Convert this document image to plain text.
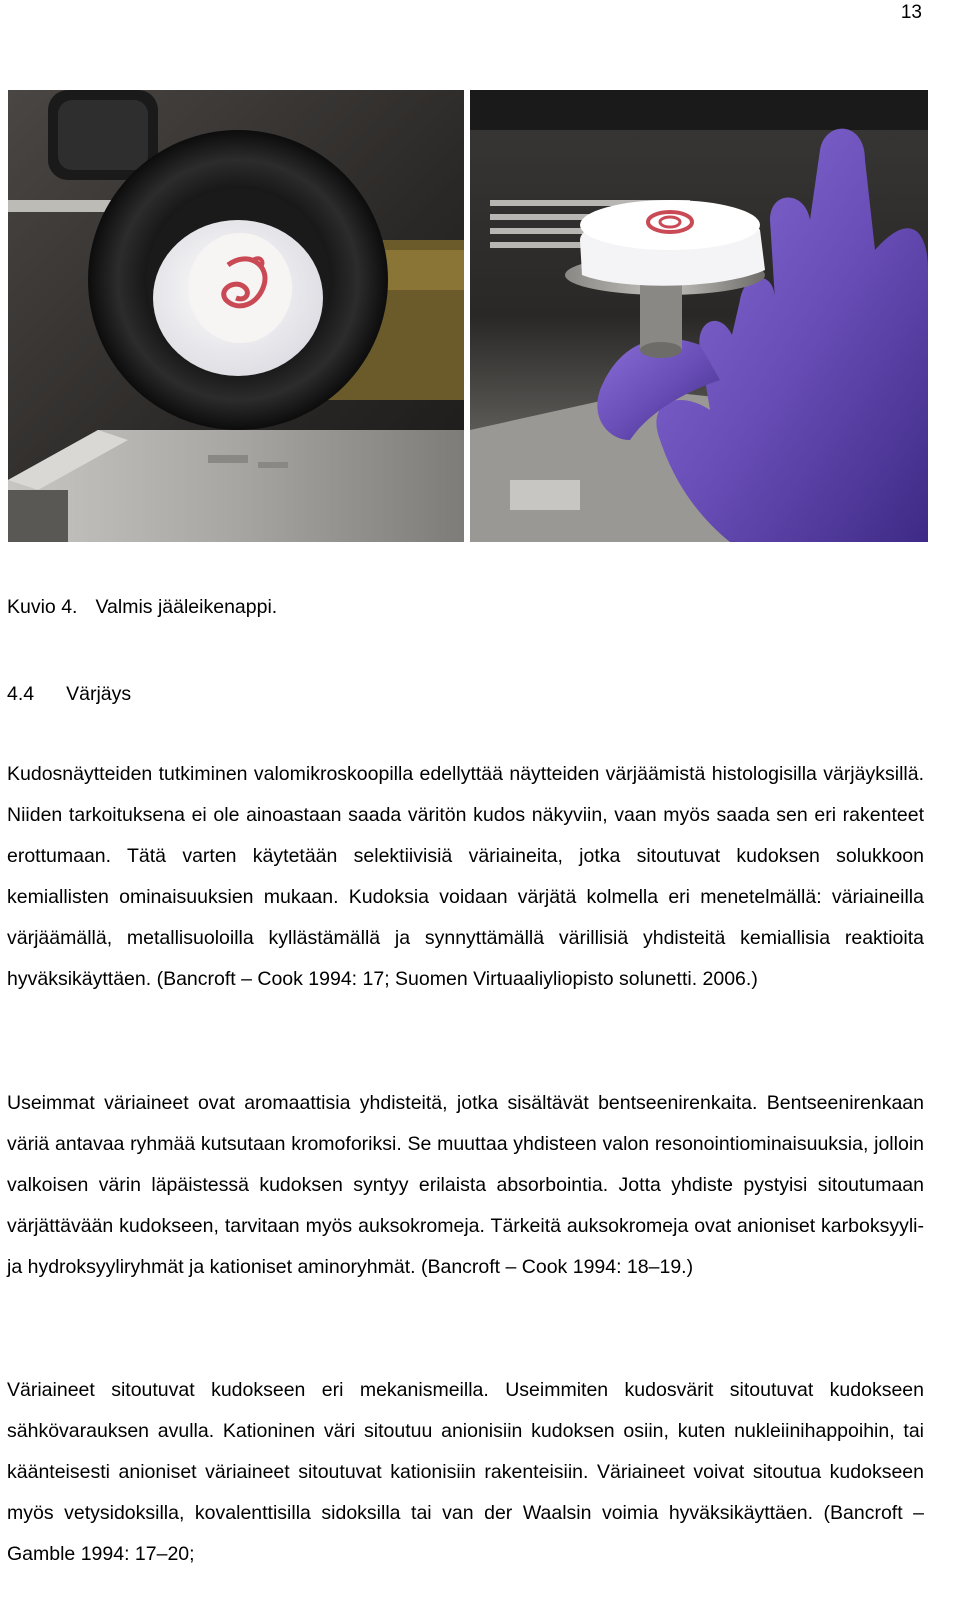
13
Kuvio 4. Valmis jääleikenappi.
4.4 Värjäys

Kudosnäytteiden tutkiminen valomikroskoopilla edellyttää näytteiden värjäämistä histologisilla värjäyksillä. Niiden tarkoituksena ei ole ainoastaan saada väritön kudos näkyviin, vaan myös saada sen eri rakenteet erottumaan. Tätä varten käytetään selektiivisiä väriaineita, jotka sitoutuvat kudoksen solukkoon kemiallisten ominaisuuksien mukaan. Kudoksia voidaan värjätä kolmella eri menetelmällä: väriaineilla värjäämällä, metallisuoloilla kyllästämällä ja synnyttämällä värillisiä yhdisteitä kemiallisia reaktioita hyväksikäyttäen. (Bancroft – Cook 1994: 17; Suomen Virtuaaliyliopisto solunetti. 2006.)

Useimmat väriaineet ovat aromaattisia yhdisteitä, jotka sisältävät bentseenirenkaita. Bentseenirenkaan väriä antavaa ryhmää kutsutaan kromoforiksi. Se muuttaa yhdisteen valon resonointiominaisuuksia, jolloin valkoisen värin läpäistessä kudoksen syntyy erilaista absorbointia. Jotta yhdiste pystyisi sitoutumaan värjättävään kudokseen, tarvitaan myös auksokromeja. Tärkeitä auksokromeja ovat anioniset karboksyyli- ja hydroksyyliryhmät ja kationiset aminoryhmät. (Bancroft – Cook 1994: 18–19.)

Väriaineet sitoutuvat kudokseen eri mekanismeilla. Useimmiten kudosvärit sitoutuvat kudokseen sähkövarauksen avulla. Kationinen väri sitoutuu anionisiin kudoksen osiin, kuten nukleiinihappoihin, tai käänteisesti anioniset väriaineet sitoutuvat kationisiin rakenteisiin. Väriaineet voivat sitoutua kudokseen myös vetysidoksilla, kovalenttisilla sidoksilla tai van der Waalsin voimia hyväksikäyttäen. (Bancroft – Gamble 1994: 17–20;
